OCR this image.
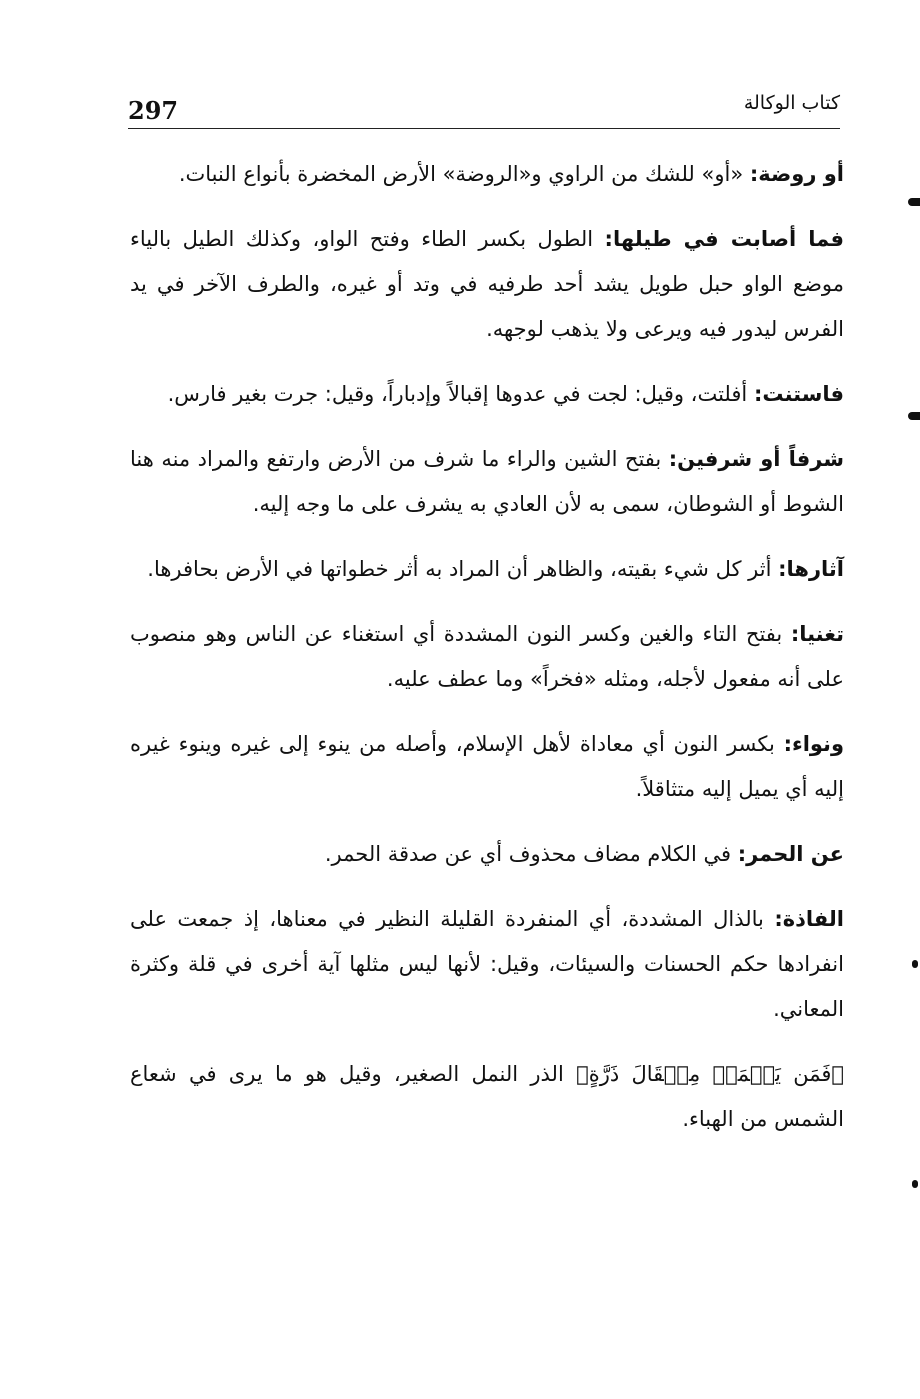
297	كتاب الوكالة

أو روضة: «أو» للشك من الراوي و«الروضة» الأرض المخضرة بأنواع النبات.

فما أصابت في طيلها: الطول بكسر الطاء وفتح الواو، وكذلك الطيل بالياء موضع الواو حبل طويل يشد أحد طرفيه في وتد أو غيره، والطرف الآخر في يد الفرس ليدور فيه ويرعى ولا يذهب لوجهه.

فاستنت: أفلتت، وقيل: لجت في عدوها إقبالاً وإدباراً، وقيل: جرت بغير فارس.

شرفاً أو شرفين: بفتح الشين والراء ما شرف من الأرض وارتفع والمراد منه هنا الشوط أو الشوطان، سمى به لأن العادي به يشرف على ما وجه إليه.

آثارها: أثر كل شيء بقيته، والظاهر أن المراد به أثر خطواتها في الأرض بحافرها.

تغنيا: بفتح التاء والغين وكسر النون المشددة أي استغناء عن الناس وهو منصوب على أنه مفعول لأجله، ومثله «فخراً» وما عطف عليه.

ونواء: بكسر النون أي معاداة لأهل الإسلام، وأصله من ينوء إلى غيره وينوء غيره إليه أي يميل إليه متثاقلاً.

عن الحمر: في الكلام مضاف محذوف أي عن صدقة الحمر.

الفاذة: بالذال المشددة، أي المنفردة القليلة النظير في معناها، إذ جمعت على انفرادها حكم الحسنات والسيئات، وقيل: لأنها ليس مثلها آية أخرى في قلة وكثرة المعاني.

﴿فَمَن يَعۡمَلۡ مِثۡقَالَ ذَرَّةٍ﴾ الذر النمل الصغير، وقيل هو ما يرى في شعاع الشمس من الهباء.
